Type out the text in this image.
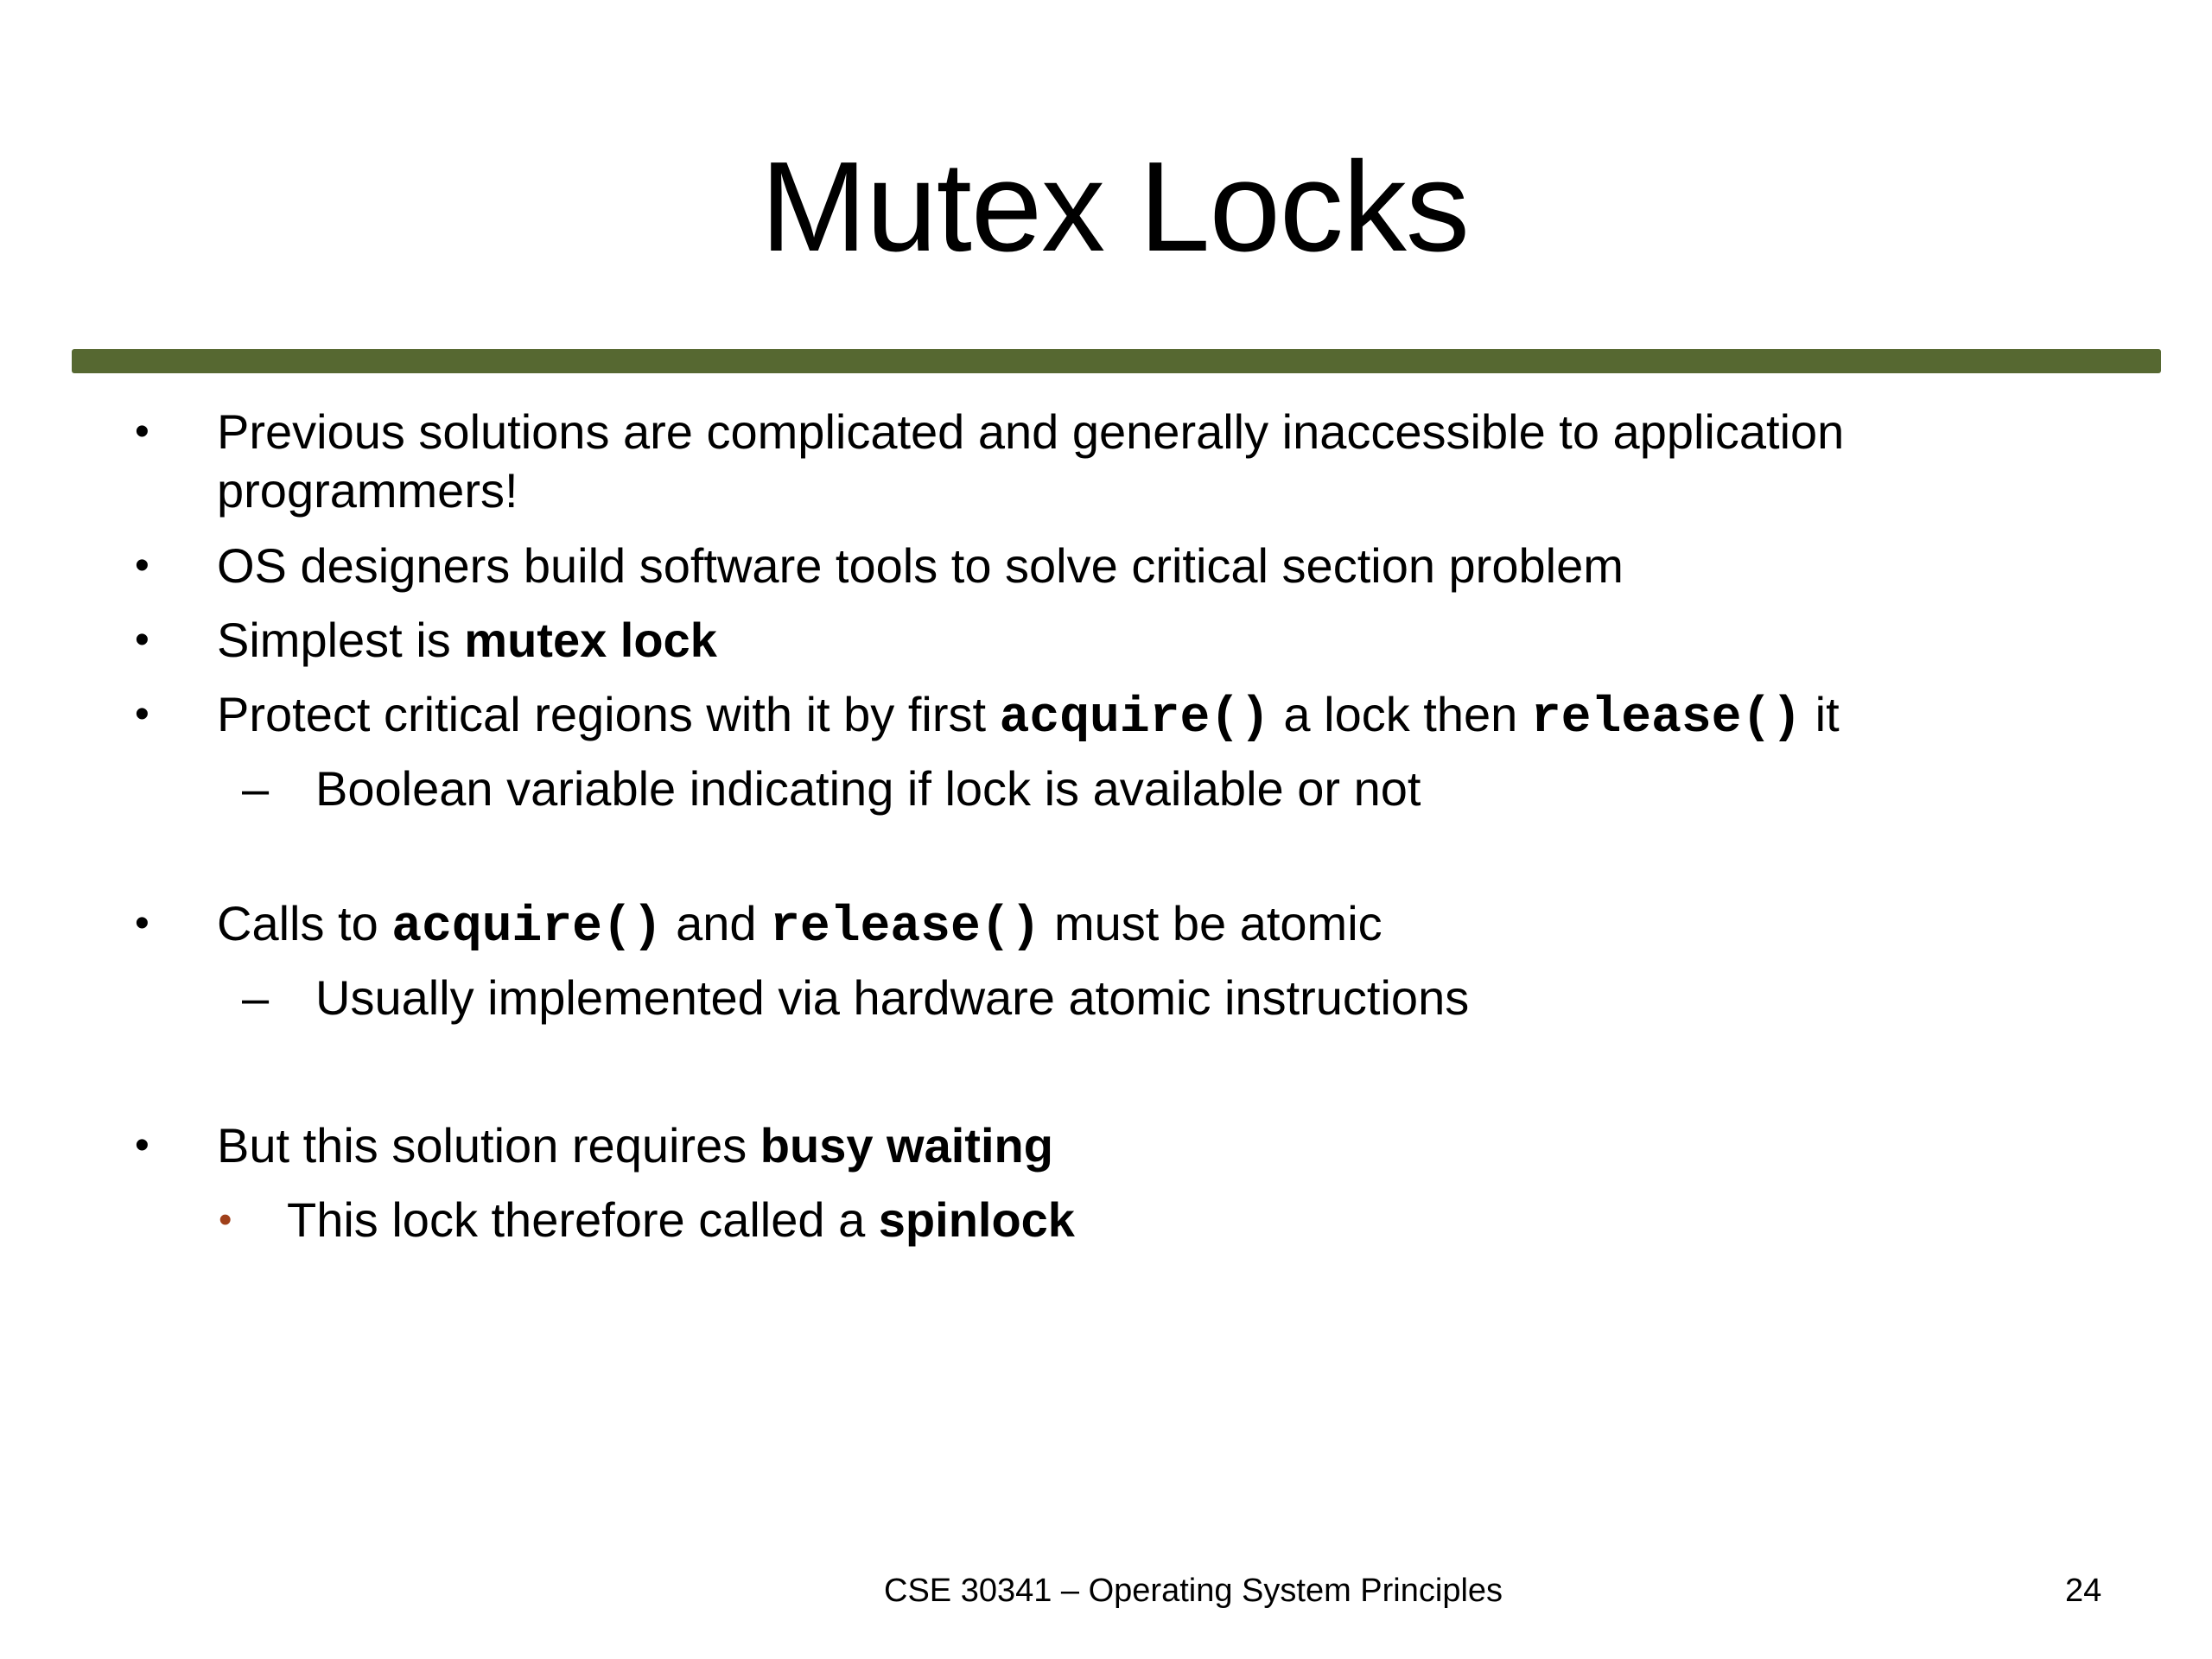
Mutex Locks
• Previous solutions are complicated and generally inaccessible to application
programmers!
• OS designers build software tools to solve critical section problem
• Simplest is mutex lock
• Protect critical regions with it by first acquire() a lock then release() it
– Boolean variable indicating if lock is available or not
• Calls to acquire() and release() must be atomic
– Usually implemented via hardware atomic instructions
• But this solution requires busy waiting
• This lock therefore called a spinlock
CSE 30341 – Operating System Principles	24
